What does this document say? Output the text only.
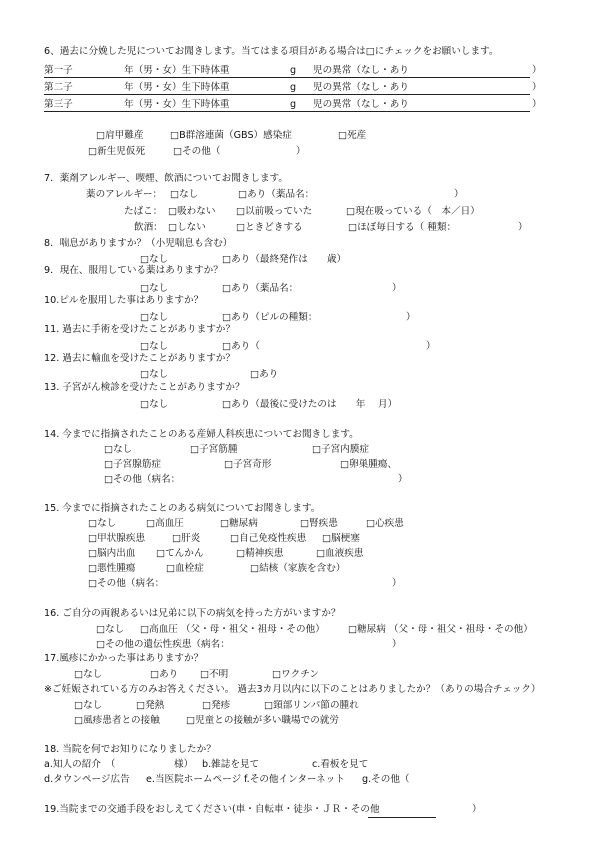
6、過去に分娩した児についてお聞きします。当てはまる項目がある場合は□にチェックをお願いします。
第一子	年（男・女）生下時体重	g 児の異常（なし・あり	）
第二子	年（男・女）生下時体重	g 児の異常（なし・あり	）
第三子	年（男・女）生下時体重	g 児の異常（なし・あり	）
□肩甲難産	□B群溶連菌（GBS）感染症	□死産
□新生児仮死	□その他（	）
7．薬剤アレルギー、喫煙、飲酒についてお聞きします。
薬のアレルギー： □なし	□あり（薬品名：	）
たばこ： □吸わない □以前吸っていた	□現在吸っている（　本／日）
飲酒： □しない	□ときどきする	□ほぼ毎日する（ 種類：	）
8．喘息がありますか？（小児喘息も含む）
□なし	□あり（最終発作は　　歳）
9．現在、服用している薬はありますか？
□なし	□あり（薬品名：	）
10.ピルを服用した事はありますか？
□なし	□あり（ピルの種類：	）
11. 過去に手術を受けたことがありますか？
□なし	□あり（	）
12. 過去に輸血を受けたことがありますか？
□なし	□あり
13. 子宮がん検診を受けたことがありますか？
□なし	□あり（最後に受けたのは　　年　 月）
14. 今までに指摘されたことのある産婦人科疾患についてお聞きします。
□なし	□子宮筋腫	□子宮内膜症
□子宮腺筋症	□子宮奇形	□卵巣腫瘍、
□その他（病名：	）
15. 今までに指摘されたことのある病気についてお聞きします。
□なし	□高血圧	□糖尿病	□腎疾患	□心疾患
□甲状腺疾患	□肝炎	□自己免疫性疾患 □脳梗塞
□脳内出血 □てんかん	□精神疾患	□血液疾患
□悪性腫瘍	□血栓症	□結核（家族を含む）
□その他（病名：	）
16. ご自分の両親あるいは兄弟に以下の病気を持った方がいますか？
□なし □高血圧 （父・母・祖父・祖母・その他） □糖尿病 （父・母・祖父・祖母・その他）
□その他の遺伝性疾患（病名：	）
17.風疹にかかった事はありますか？
□なし	□あり □不明	□ワクチン
※ご妊娠されている方のみお答えください。 過去3カ月以内に以下のことはありましたか？（ありの場合チェック）
□なし	□発熱	□発疹	□頸部リンパ節の腫れ
□風疹患者との接触	□児童との接触が多い職場での就労
18. 当院を何でお知りになりましたか？
a.知人の紹介　（	様） b.雑誌を見て	c.看板を見て
d.タウンページ広告 e.当医院ホームページ f.その他インターネット g.その他（
19.当院までの交通手段をおしえてください(車・自転車・徒歩・ＪＲ・その他	）
